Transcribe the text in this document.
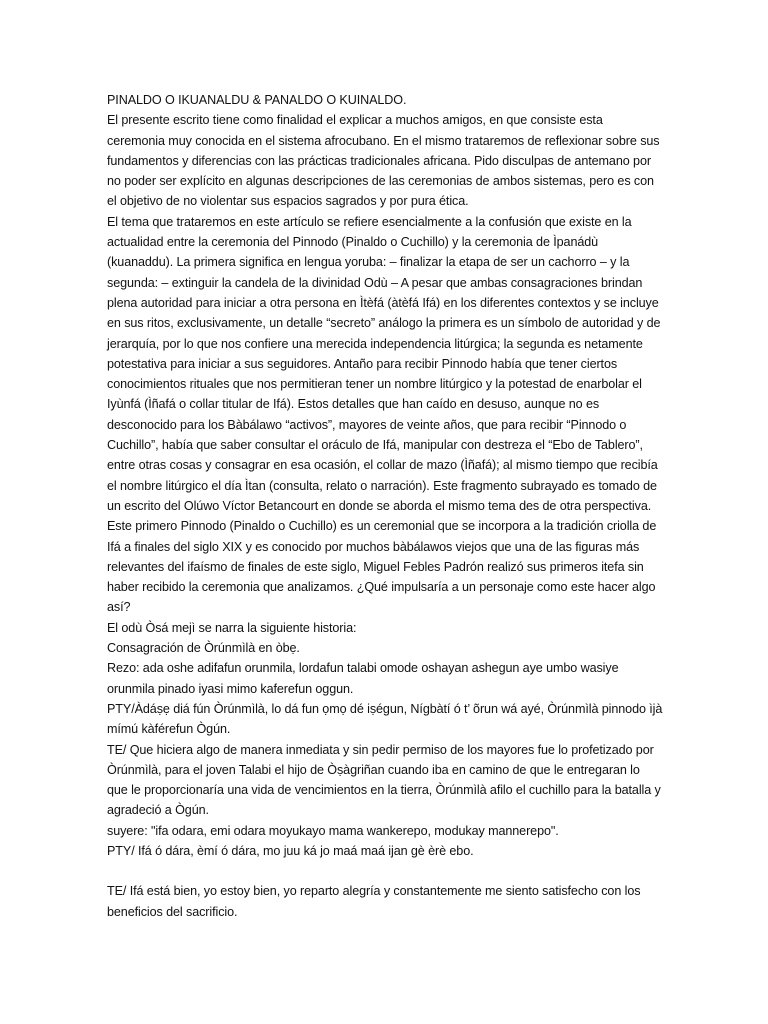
PINALDO O IKUANALDU & PANALDO O KUINALDO.

El presente escrito tiene como finalidad el explicar a muchos amigos, en que consiste esta ceremonia muy conocida en el sistema afrocubano. En el mismo trataremos de reflexionar sobre sus fundamentos y diferencias con las prácticas tradicionales africana. Pido disculpas de antemano por no poder ser explícito en algunas descripciones de las ceremonias de ambos sistemas, pero es con el objetivo de no violentar sus espacios sagrados y por pura ética.

El tema que trataremos en este artículo se refiere esencialmente a la confusión que existe en la actualidad entre la ceremonia del Pinnodo (Pinaldo o Cuchillo) y la ceremonia de Ìpanádù (kuanaddu). La primera significa en lengua yoruba: – finalizar la etapa de ser un cachorro – y la segunda: – extinguir la candela de la divinidad Odù – A pesar que ambas consagraciones brindan plena autoridad para iniciar a otra persona en Ìtèfá (àtèfá Ifá) en los diferentes contextos y se incluye en sus ritos, exclusivamente, un detalle “secreto” análogo la primera es un símbolo de autoridad y de jerarquía, por lo que nos confiere una merecida independencia litúrgica; la segunda es netamente potestativa para iniciar a sus seguidores. Antaño para recibir Pinnodo había que tener ciertos conocimientos rituales que nos permitieran tener un nombre litúrgico y la potestad de enarbolar el Iyùnfá (Ìñafá o collar titular de Ifá). Estos detalles que han caído en desuso, aunque no es desconocido para los Bàbálawo “activos”, mayores de veinte años, que para recibir “Pinnodo o Cuchillo”, había que saber consultar el oráculo de Ifá, manipular con destreza el “Ebo de Tablero”, entre otras cosas y consagrar en esa ocasión, el collar de mazo (Ìñafá); al mismo tiempo que recibía el nombre litúrgico el día Ìtan (consulta, relato o narración). Este fragmento subrayado es tomado de un escrito del Olúwo Víctor Betancourt en donde se aborda el mismo tema des de otra perspectiva.

Este primero Pinnodo (Pinaldo o Cuchillo) es un ceremonial que se incorpora a la tradición criolla de Ifá a finales del siglo XIX y es conocido por muchos bàbálawos viejos que una de las figuras más relevantes del ifaísmo de finales de este siglo, Miguel Febles Padrón realizó sus primeros itefa sin haber recibido la ceremonia que analizamos. ¿Qué impulsaría a un personaje como este hacer algo así?

El odù Òsá mejì se narra la siguiente historia:

Consagración de Òrúnmìlà en òbẹ.

Rezo: ada oshe adifafun orunmila, lordafun talabi omode oshayan ashegun aye umbo wasiye orunmila pinado iyasi mimo kaferefun oggun.

PTY/Àdáṣẹ diá fún Òrúnmìlà, lo dá fun ọmọ dé iṣégun, Nígbàtí ó t’ õrun wá ayé, Òrúnmìlà pinnodo ìjà mímú kàférefun Ògún.

TE/ Que hiciera algo de manera inmediata y sin pedir permiso de los mayores fue lo profetizado por Òrúnmìlà, para el joven Talabi el hijo de Òṣàgriñan cuando iba en camino de que le entregaran lo que le proporcionaría una vida de vencimientos en la tierra, Òrúnmìlà afilo el cuchillo para la batalla y agradeció a Ògún.

suyere: "ifa odara, emi odara moyukayo mama wankerepo, modukay mannerepo".

PTY/ Ifá ó dára, èmí ó dára, mo juu ká jo maá maá ijan gè èrè ebo.

TE/ Ifá está bien, yo estoy bien, yo reparto alegría y constantemente me siento satisfecho con los beneficios del sacrificio.
